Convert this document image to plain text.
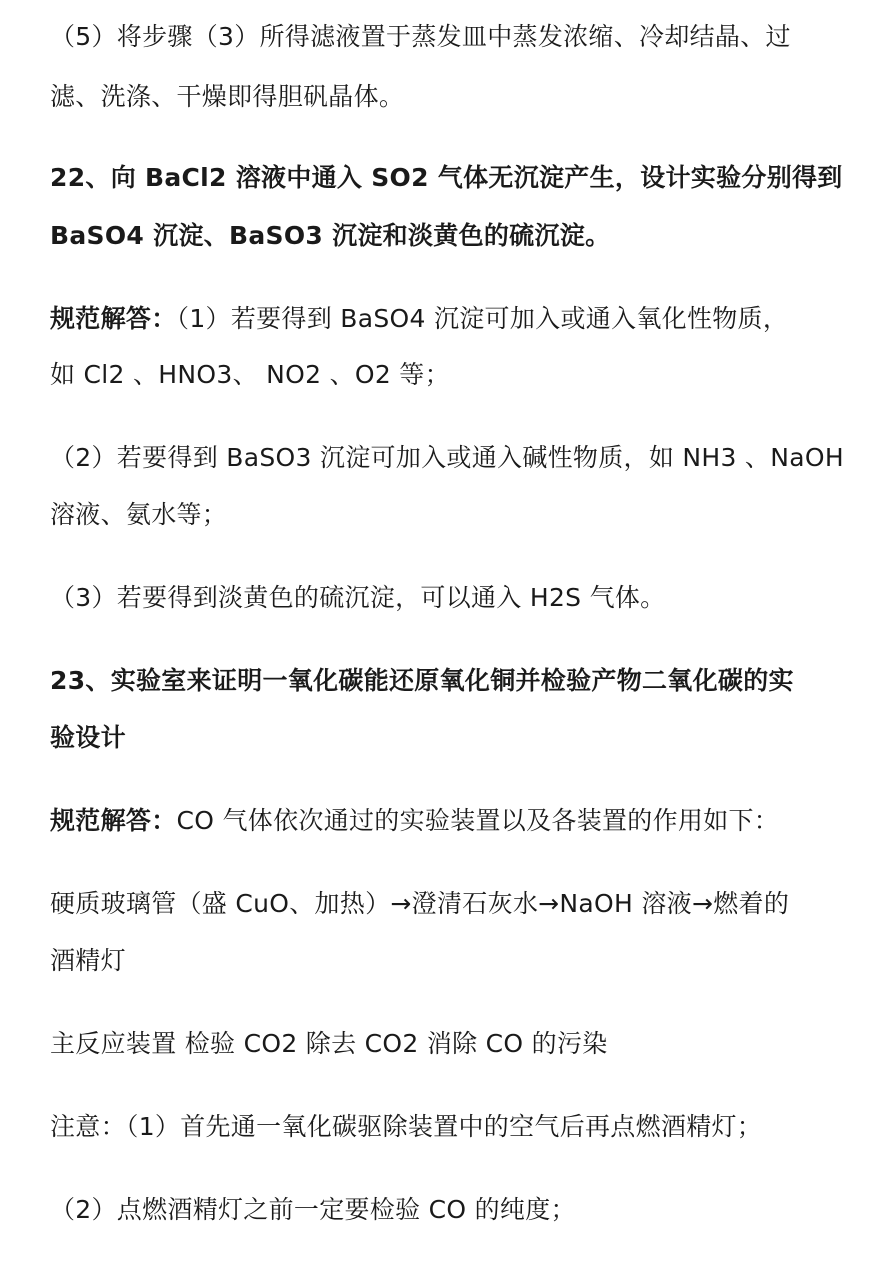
（5）将步骤（3）所得滤液置于蒸发皿中蒸发浓缩、冷却结晶、过
滤、洗涤、干燥即得胆矾晶体。
22、向 BaCl2 溶液中通入 SO2 气体无沉淀产生，设计实验分别得到
BaSO4 沉淀、BaSO3 沉淀和淡黄色的硫沉淀。
规范解答：（1）若要得到 BaSO4 沉淀可加入或通入氧化性物质，
如 Cl2 、HNO3、 NO2 、O2 等；
（2）若要得到 BaSO3 沉淀可加入或通入碱性物质，如 NH3 、NaOH
溶液、氨水等；
（3）若要得到淡黄色的硫沉淀，可以通入 H2S 气体。
23、实验室来证明一氧化碳能还原氧化铜并检验产物二氧化碳的实
验设计
规范解答：CO 气体依次通过的实验装置以及各装置的作用如下：
硬质玻璃管（盛 CuO、加热）→澄清石灰水→NaOH 溶液→燃着的
酒精灯
主反应装置 检验 CO2 除去 CO2 消除 CO 的污染
注意：（1）首先通一氧化碳驱除装置中的空气后再点燃酒精灯；
（2）点燃酒精灯之前一定要检验 CO 的纯度；
